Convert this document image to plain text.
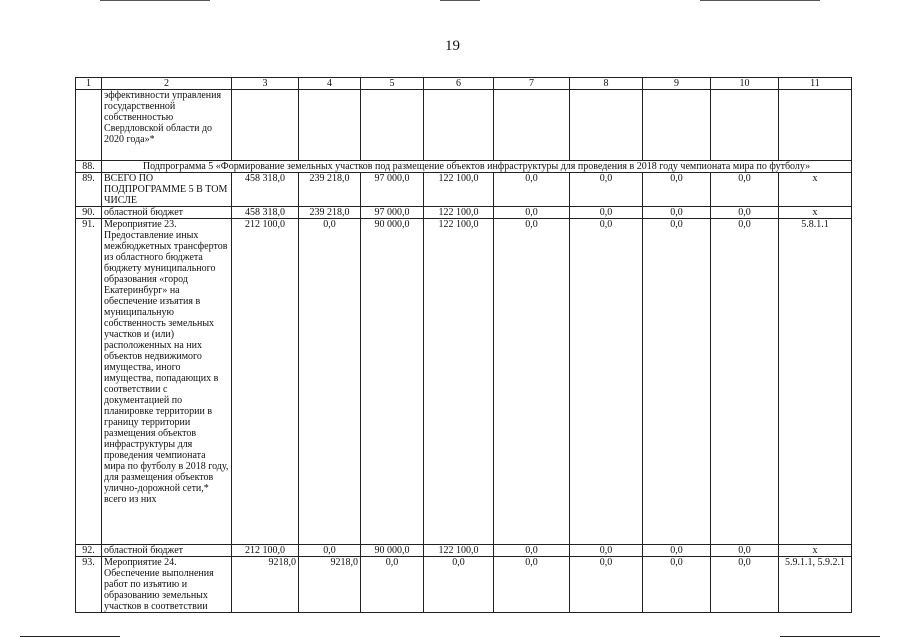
19
1	2	3	4	5	6	7	8	9	10	11
	эффективности управления государственной собственностью Свердловской области до 2020 года»*									
88.	Подпрограмма 5 «Формирование земельных участков под размещение объектов инфраструктуры для проведения в 2018 году чемпионата мира по футболу»									
89.	ВСЕГО ПО ПОДПРОГРАММЕ 5 В ТОМ ЧИСЛЕ	458 318,0	239 218,0	97 000,0	122 100,0	0,0	0,0	0,0	0,0	х
90.	областной бюджет	458 318,0	239 218,0	97 000,0	122 100,0	0,0	0,0	0,0	0,0	х
91.	Мероприятие 23. Предоставление иных межбюджетных трансфертов из областного бюджета бюджету муниципального образования «город Екатеринбург» на обеспечение изъятия в муниципальную собственность земельных участков и (или) расположенных на них объектов недвижимого имущества, иного имущества, попадающих в соответствии с документацией по планировке территории в границу территории размещения объектов инфраструктуры для проведения чемпионата мира по футболу в 2018 году, для размещения объектов улично-дорожной сети,* всего из них	212 100,0	0,0	90 000,0	122 100,0	0,0	0,0	0,0	0,0	5.8.1.1
92.	областной бюджет	212 100,0	0,0	90 000,0	122 100,0	0,0	0,0	0,0	0,0	х
93.	Мероприятие 24. Обеспечение выполнения работ по изъятию и образованию земельных участков в соответствии	9218,0	9218,0	0,0	0,0	0,0	0,0	0,0	0,0	5.9.1.1, 5.9.2.1
